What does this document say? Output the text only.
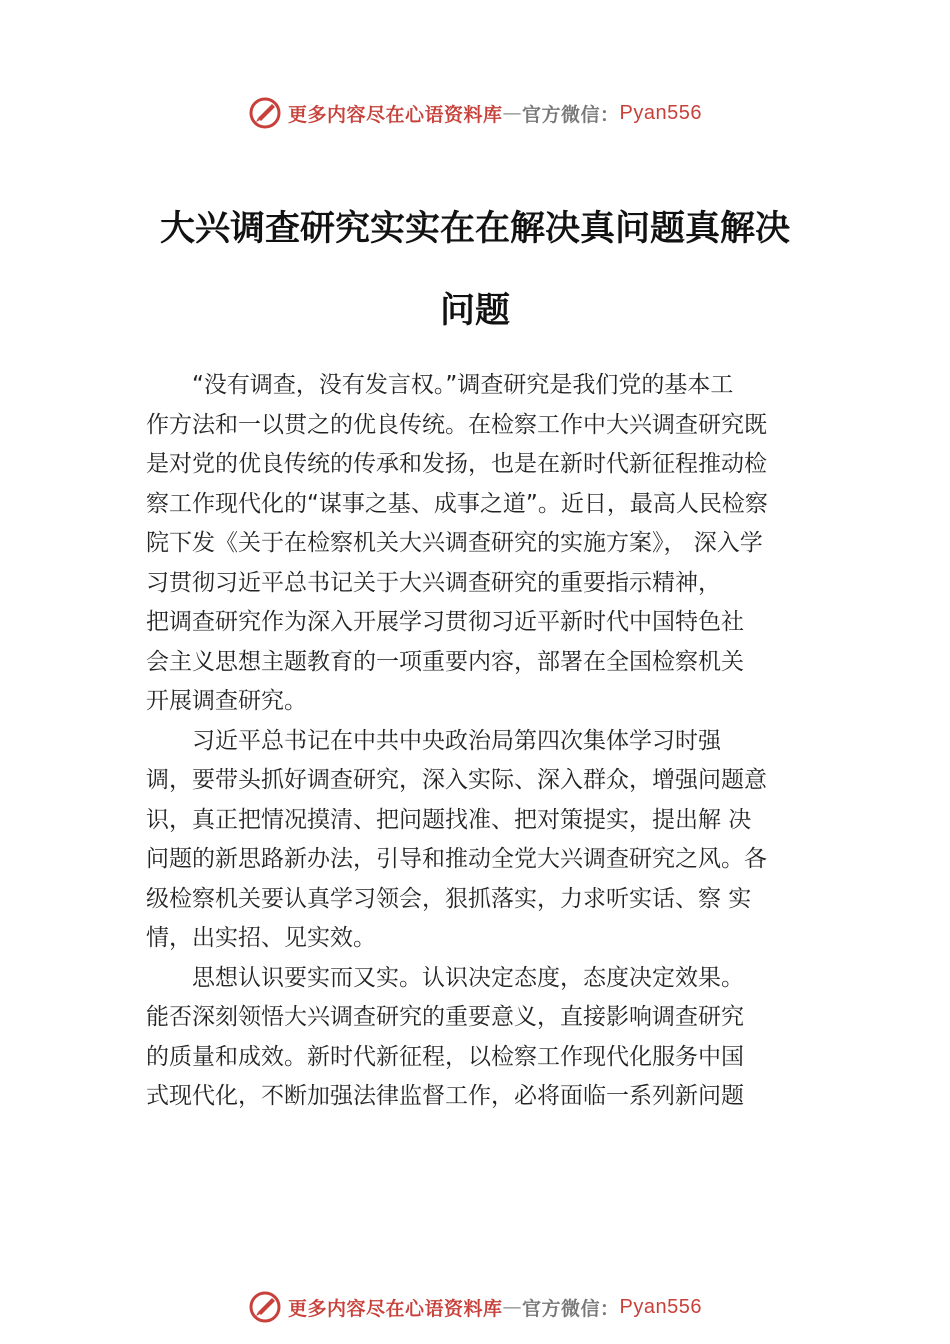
更多内容尽在心语资料库 — 官方微信： Pyan556
大兴调查研究实实在在解决真问题真解决
问题
　　“没有调查，没有发言权。”调查研究是我们党的基本工
作方法和一以贯之的优良传统。在检察工作中大兴调查研究既
是对党的优良传统的传承和发扬，也是在新时代新征程推动检
察工作现代化的“谋事之基、成事之道”。近日，最高人民检察
院下发《关于在检察机关大兴调查研究的实施方案》， 深入学
习贯彻习近平总书记关于大兴调查研究的重要指示精神，
把调查研究作为深入开展学习贯彻习近平新时代中国特色社
会主义思想主题教育的一项重要内容，部署在全国检察机关
开展调查研究。
　　习近平总书记在中共中央政治局第四次集体学习时强
调，要带头抓好调查研究，深入实际、深入群众，增强问题意
识，真正把情况摸清、把问题找准、把对策提实，提出解 决
问题的新思路新办法，引导和推动全党大兴调查研究之风。各
级检察机关要认真学习领会，狠抓落实，力求听实话、察 实
情，出实招、见实效。
　　思想认识要实而又实。认识决定态度，态度决定效果。
能否深刻领悟大兴调查研究的重要意义，直接影响调查研究
的质量和成效。新时代新征程，以检察工作现代化服务中国
式现代化，不断加强法律监督工作，必将面临一系列新问题
更多内容尽在心语资料库 — 官方微信： Pyan556
